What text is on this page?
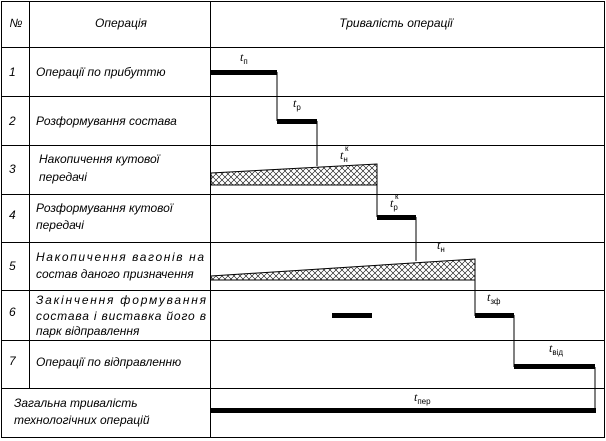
№	Операція	Тривалість операції
1
2
3
4
5
6
7
Операції по прибуттю
Розформування состава
Накопичення кутової
передачі
Розформування кутової
передачі
Накопичення вагонів на
состав даного призначення
Закінчення формування
состава і виставка його в
парк відправлення
Операції по відправленню
Загальна тривалість
технологічних операцій
tп
tр
tн
к
tр
к
tн
tзф
tвід
tпер
